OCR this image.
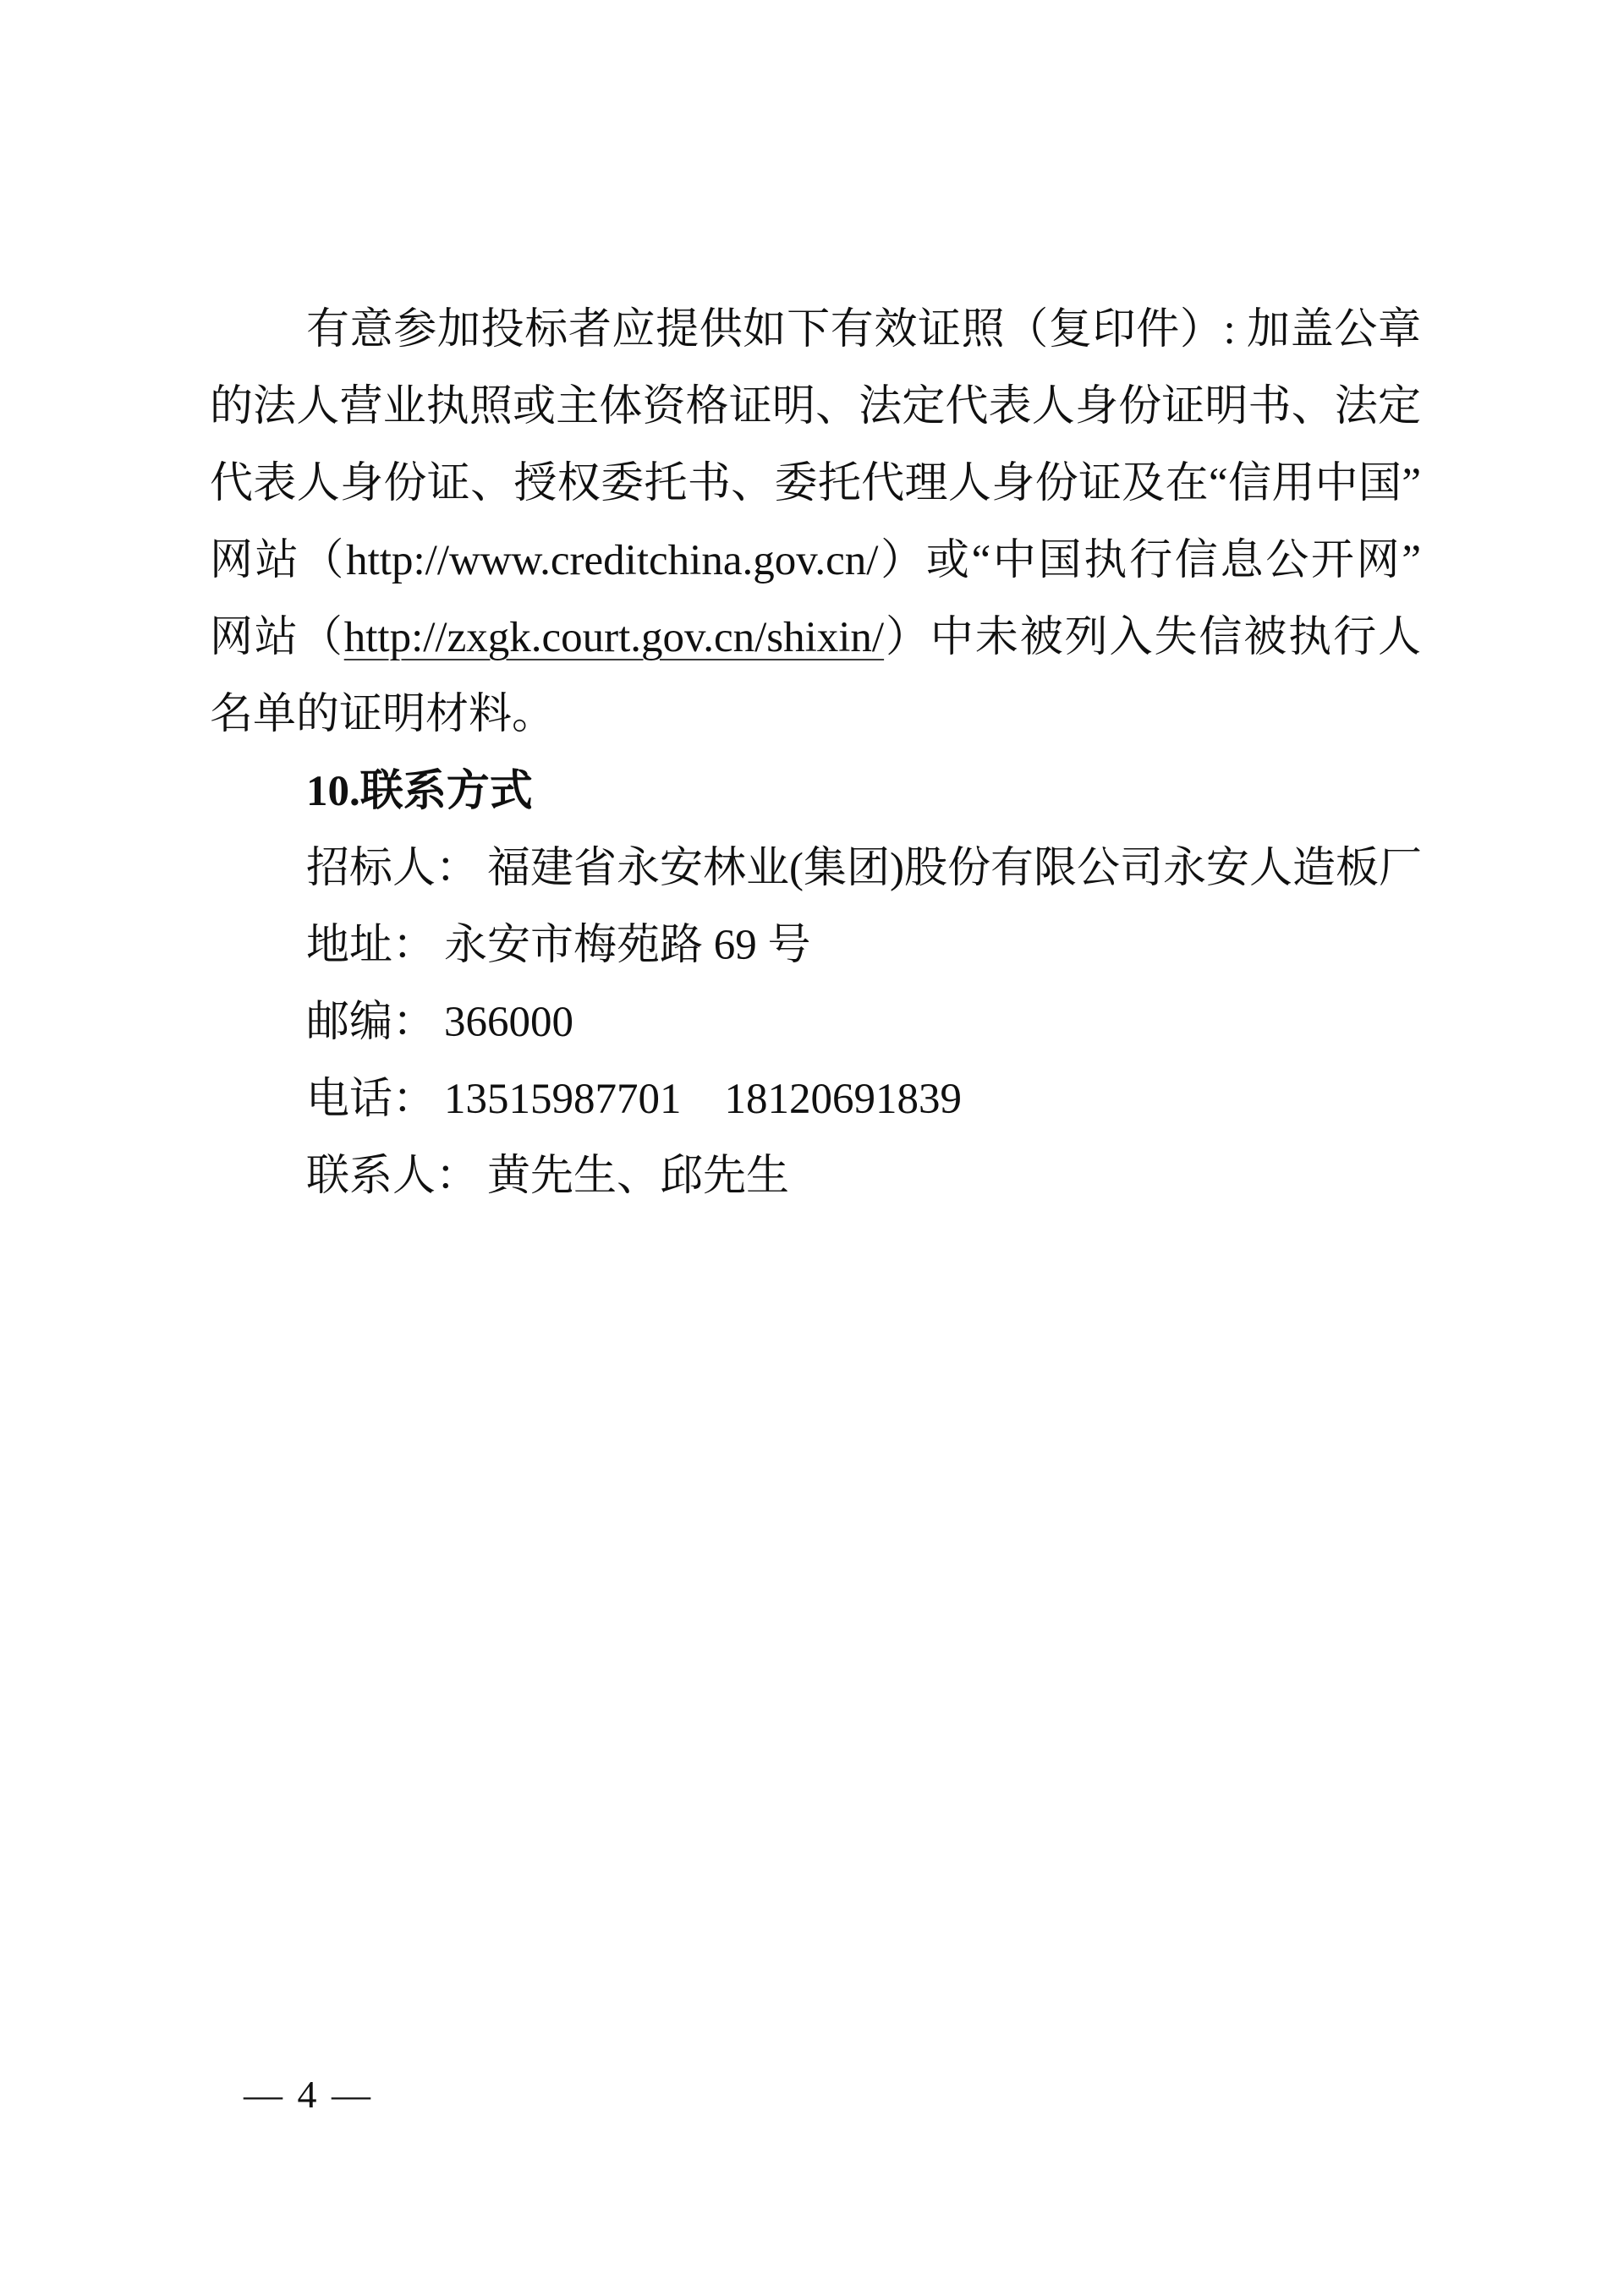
有意参加投标者应提供如下有效证照（复印件）: 加盖公章
的法人营业执照或主体资格证明、法定代表人身份证明书、法定
代表人身份证、授权委托书、委托代理人身份证及在“信用中国”
网站（http://www.creditchina.gov.cn/）或“中国执行信息公开网”
网站（http://zxgk.court.gov.cn/shixin/）中未被列入失信被执行人
名单的证明材料。
10.联系方式
招标人： 福建省永安林业(集团)股份有限公司永安人造板厂
地址： 永安市梅苑路 69 号
邮编： 366000
电话： 13515987701　18120691839
联系人： 黄先生、邱先生
— 4 —
